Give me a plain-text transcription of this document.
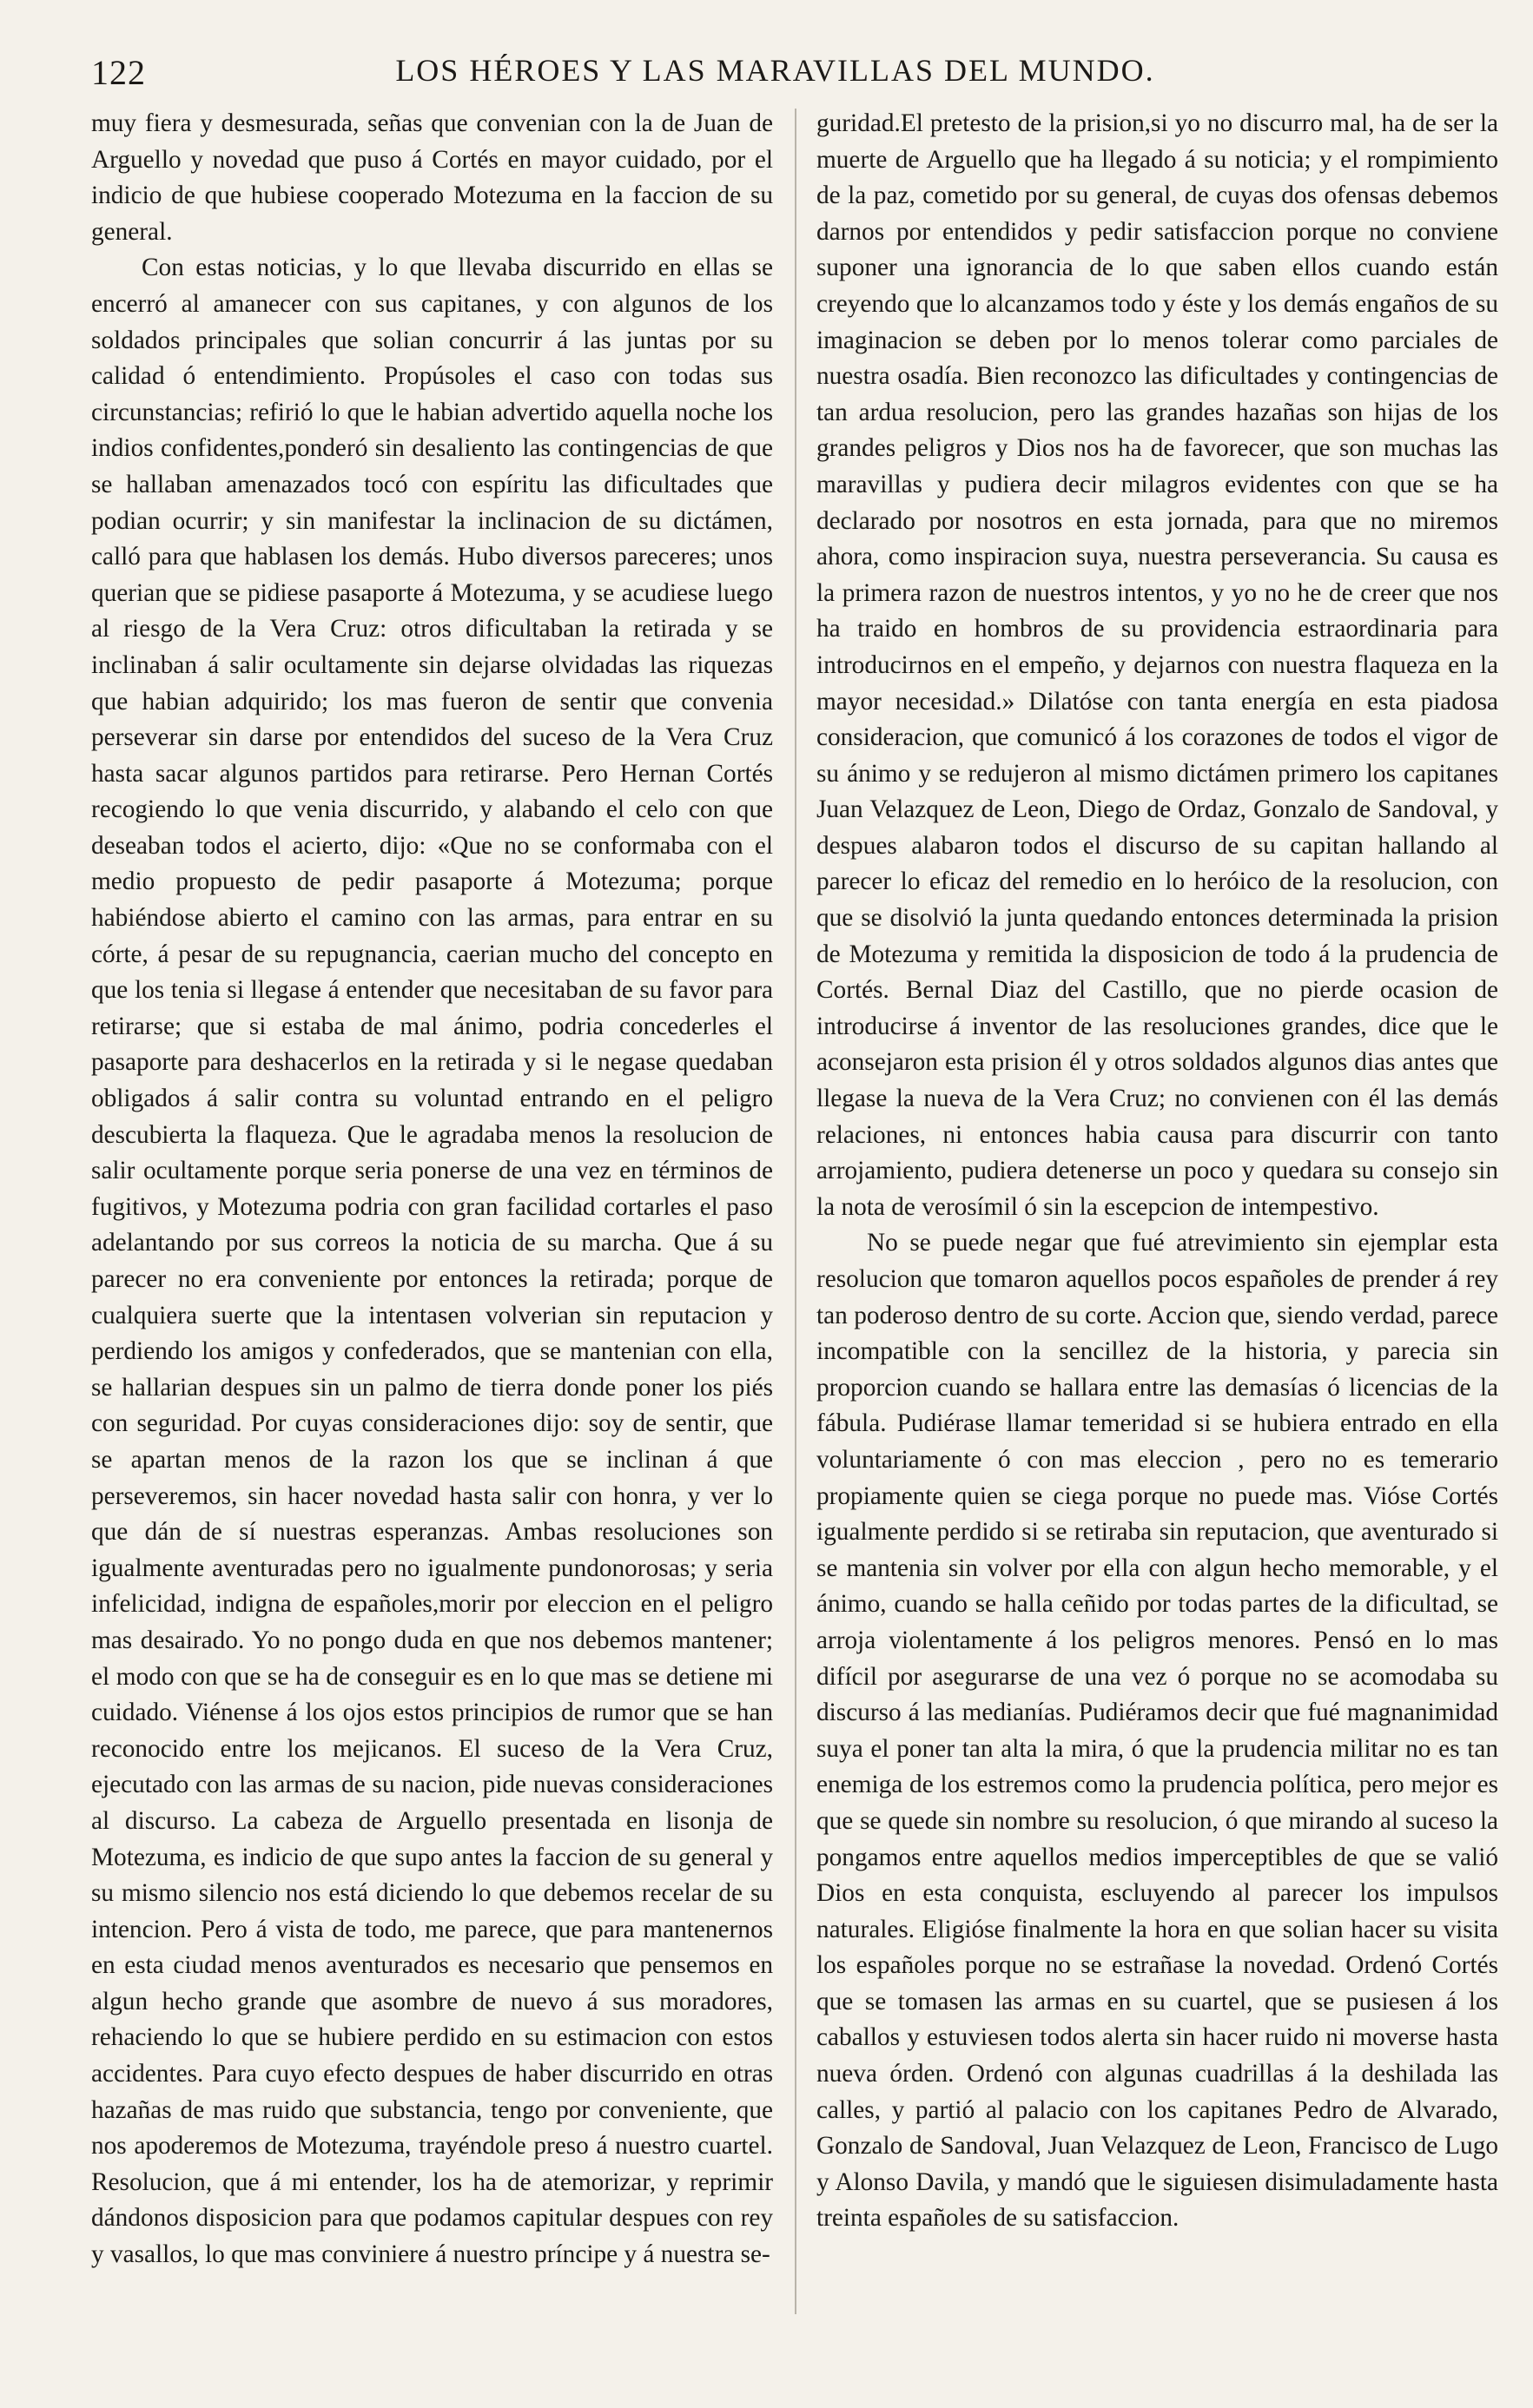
122	LOS HÉROES Y LAS MARAVILLAS DEL MUNDO.

muy fiera y desmesurada, señas que convenian con la de Juan de Arguello y novedad que puso á Cortés en mayor cuidado, por el indicio de que hubiese cooperado Motezuma en la faccion de su general.

Con estas noticias, y lo que llevaba discurrido en ellas se encerró al amanecer con sus capitanes, y con algunos de los soldados principales que solian concurrir á las juntas por su calidad ó entendimiento. Propúsoles el caso con todas sus circunstancias; refirió lo que le habian advertido aquella noche los indios confidentes,ponderó sin desaliento las contingencias de que se hallaban amenazados tocó con espíritu las dificultades que podian ocurrir; y sin manifestar la inclinacion de su dictámen, calló para que hablasen los demás. Hubo diversos pareceres; unos querian que se pidiese pasaporte á Motezuma, y se acudiese luego al riesgo de la Vera Cruz: otros dificultaban la retirada y se inclinaban á salir ocultamente sin dejarse olvidadas las riquezas que habian adquirido; los mas fueron de sentir que convenia perseverar sin darse por entendidos del suceso de la Vera Cruz hasta sacar algunos partidos para retirarse. Pero Hernan Cortés recogiendo lo que venia discurrido, y alabando el celo con que deseaban todos el acierto, dijo: «Que no se conformaba con el medio propuesto de pedir pasaporte á Motezuma; porque habiéndose abierto el camino con las armas, para entrar en su córte, á pesar de su repugnancia, caerian mucho del concepto en que los tenia si llegase á entender que necesitaban de su favor para retirarse; que si estaba de mal ánimo, podria concederles el pasaporte para deshacerlos en la retirada y si le negase quedaban obligados á salir contra su voluntad entrando en el peligro descubierta la flaqueza. Que le agradaba menos la resolucion de salir ocultamente porque seria ponerse de una vez en términos de fugitivos, y Motezuma podria con gran facilidad cortarles el paso adelantando por sus correos la noticia de su marcha. Que á su parecer no era conveniente por entonces la retirada; porque de cualquiera suerte que la intentasen volverian sin reputacion y perdiendo los amigos y confederados, que se mantenian con ella, se hallarian despues sin un palmo de tierra donde poner los piés con seguridad. Por cuyas consideraciones dijo: soy de sentir, que se apartan menos de la razon los que se inclinan á que perseveremos, sin hacer novedad hasta salir con honra, y ver lo que dán de sí nuestras esperanzas. Ambas resoluciones son igualmente aventuradas pero no igualmente pundonorosas; y seria infelicidad, indigna de españoles,morir por eleccion en el peligro mas desairado. Yo no pongo duda en que nos debemos mantener; el modo con que se ha de conseguir es en lo que mas se detiene mi cuidado. Viénense á los ojos estos principios de rumor que se han reconocido entre los mejicanos. El suceso de la Vera Cruz, ejecutado con las armas de su nacion, pide nuevas consideraciones al discurso. La cabeza de Arguello presentada en lisonja de Motezuma, es indicio de que supo antes la faccion de su general y su mismo silencio nos está diciendo lo que debemos recelar de su intencion. Pero á vista de todo, me parece, que para mantenernos en esta ciudad menos aventurados es necesario que pensemos en algun hecho grande que asombre de nuevo á sus moradores, rehaciendo lo que se hubiere perdido en su estimacion con estos accidentes. Para cuyo efecto despues de haber discurrido en otras hazañas de mas ruido que substancia, tengo por conveniente, que nos apoderemos de Motezuma, trayéndole preso á nuestro cuartel. Resolucion, que á mi entender, los ha de atemorizar, y reprimir dándonos disposicion para que podamos capitular despues con rey y vasallos, lo que mas conviniere á nuestro príncipe y á nuestra se-

guridad.El pretesto de la prision,si yo no discurro mal, ha de ser la muerte de Arguello que ha llegado á su noticia; y el rompimiento de la paz, cometido por su general, de cuyas dos ofensas debemos darnos por entendidos y pedir satisfaccion porque no conviene suponer una ignorancia de lo que saben ellos cuando están creyendo que lo alcanzamos todo y éste y los demás engaños de su imaginacion se deben por lo menos tolerar como parciales de nuestra osadía. Bien reconozco las dificultades y contingencias de tan ardua resolucion, pero las grandes hazañas son hijas de los grandes peligros y Dios nos ha de favorecer, que son muchas las maravillas y pudiera decir milagros evidentes con que se ha declarado por nosotros en esta jornada, para que no miremos ahora, como inspiracion suya, nuestra perseverancia. Su causa es la primera razon de nuestros intentos, y yo no he de creer que nos ha traido en hombros de su providencia estraordinaria para introducirnos en el empeño, y dejarnos con nuestra flaqueza en la mayor necesidad.» Dilatóse con tanta energía en esta piadosa consideracion, que comunicó á los corazones de todos el vigor de su ánimo y se redujeron al mismo dictámen primero los capitanes Juan Velazquez de Leon, Diego de Ordaz, Gonzalo de Sandoval, y despues alabaron todos el discurso de su capitan hallando al parecer lo eficaz del remedio en lo heróico de la resolucion, con que se disolvió la junta quedando entonces determinada la prision de Motezuma y remitida la disposicion de todo á la prudencia de Cortés. Bernal Diaz del Castillo, que no pierde ocasion de introducirse á inventor de las resoluciones grandes, dice que le aconsejaron esta prision él y otros soldados algunos dias antes que llegase la nueva de la Vera Cruz; no convienen con él las demás relaciones, ni entonces habia causa para discurrir con tanto arrojamiento, pudiera detenerse un poco y quedara su consejo sin la nota de verosímil ó sin la escepcion de intempestivo.

No se puede negar que fué atrevimiento sin ejemplar esta resolucion que tomaron aquellos pocos españoles de prender á rey tan poderoso dentro de su corte. Accion que, siendo verdad, parece incompatible con la sencillez de la historia, y parecia sin proporcion cuando se hallara entre las demasías ó licencias de la fábula. Pudiérase llamar temeridad si se hubiera entrado en ella voluntariamente ó con mas eleccion , pero no es temerario propiamente quien se ciega porque no puede mas. Vióse Cortés igualmente perdido si se retiraba sin reputacion, que aventurado si se mantenia sin volver por ella con algun hecho memorable, y el ánimo, cuando se halla ceñido por todas partes de la dificultad, se arroja violentamente á los peligros menores. Pensó en lo mas difícil por asegurarse de una vez ó porque no se acomodaba su discurso á las medianías. Pudiéramos decir que fué magnanimidad suya el poner tan alta la mira, ó que la prudencia militar no es tan enemiga de los estremos como la prudencia política, pero mejor es que se quede sin nombre su resolucion, ó que mirando al suceso la pongamos entre aquellos medios imperceptibles de que se valió Dios en esta conquista, escluyendo al parecer los impulsos naturales. Eligióse finalmente la hora en que solian hacer su visita los españoles porque no se estrañase la novedad. Ordenó Cortés que se tomasen las armas en su cuartel, que se pusiesen á los caballos y estuviesen todos alerta sin hacer ruido ni moverse hasta nueva órden. Ordenó con algunas cuadrillas á la deshilada las calles, y partió al palacio con los capitanes Pedro de Alvarado, Gonzalo de Sandoval, Juan Velazquez de Leon, Francisco de Lugo y Alonso Davila, y mandó que le siguiesen disimuladamente hasta treinta españoles de su satisfaccion.
